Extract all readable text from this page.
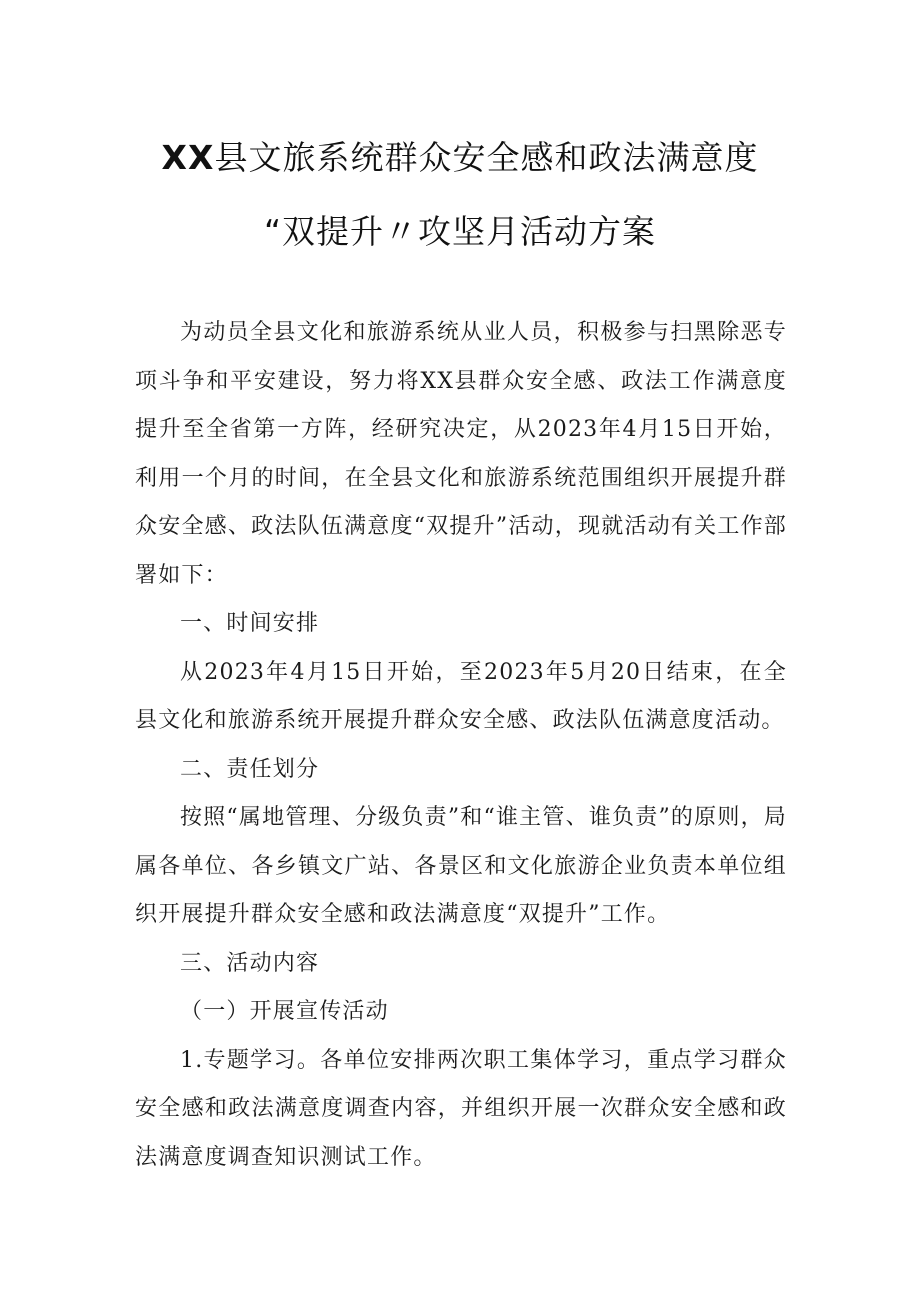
XX县文旅系统群众安全感和政法满意度
“双提升〃攻坚月活动方案

为动员全县文化和旅游系统从业人员，积极参与扫黑除恶专项斗争和平安建设，努力将XX县群众安全感、政法工作满意度提升至全省第一方阵，经研究决定，从2023年4月15日开始，利用一个月的时间，在全县文化和旅游系统范围组织开展提升群众安全感、政法队伍满意度“双提升”活动，现就活动有关工作部署如下：

一、时间安排

从2023年4月15日开始，至2023年5月20日结束，在全县文化和旅游系统开展提升群众安全感、政法队伍满意度活动。

二、责任划分

按照“属地管理、分级负责”和“谁主管、谁负责”的原则，局属各单位、各乡镇文广站、各景区和文化旅游企业负责本单位组织开展提升群众安全感和政法满意度“双提升”工作。

三、活动内容

（一）开展宣传活动

1.专题学习。各单位安排两次职工集体学习，重点学习群众安全感和政法满意度调查内容，并组织开展一次群众安全感和政法满意度调查知识测试工作。
